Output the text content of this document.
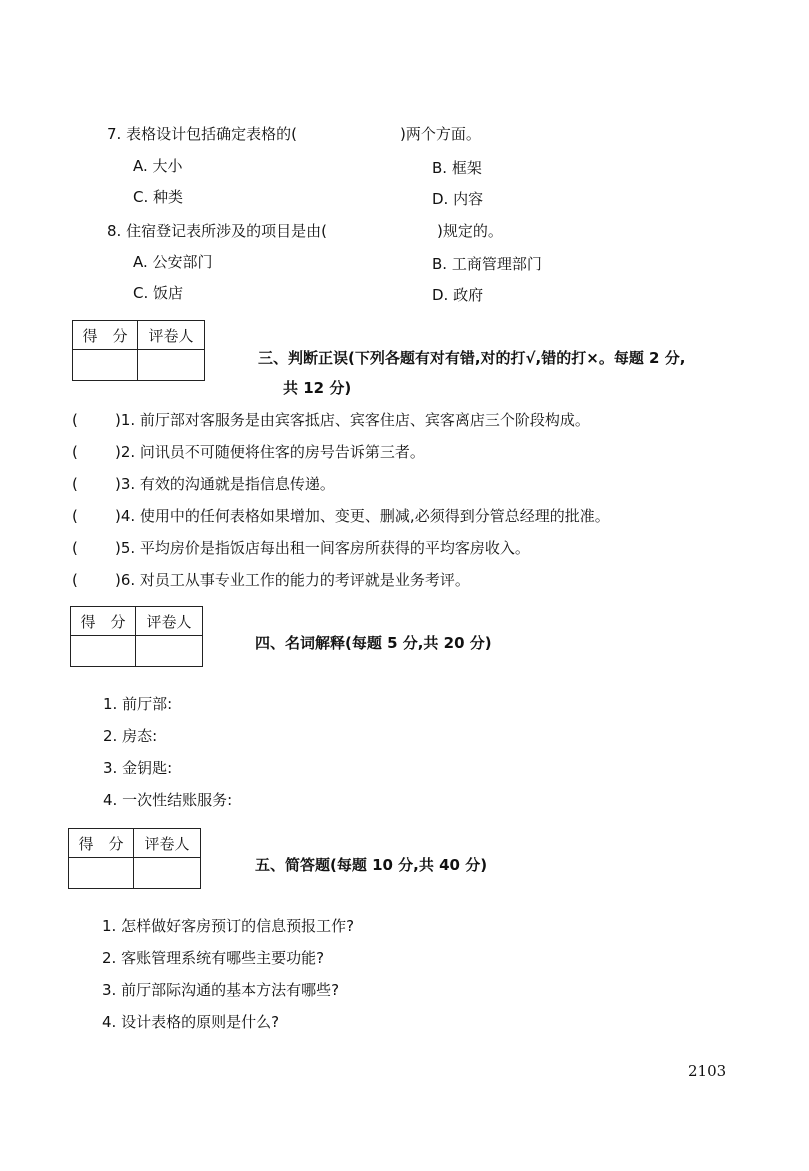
7. 表格设计包括确定表格的(	)两个方面。
A. 大小	B. 框架
C. 种类	D. 内容
8. 住宿登记表所涉及的项目是由(	)规定的。
A. 公安部门	B. 工商管理部门
C. 饭店	D. 政府
得　分	评卷人

三、判断正误(下列各题有对有错,对的打√,错的打×。每题 2 分,
共 12 分)
( )1. 前厅部对客服务是由宾客抵店、宾客住店、宾客离店三个阶段构成。
( )2. 问讯员不可随便将住客的房号告诉第三者。
( )3. 有效的沟通就是指信息传递。
( )4. 使用中的任何表格如果增加、变更、删减,必须得到分管总经理的批准。
( )5. 平均房价是指饭店每出租一间客房所获得的平均客房收入。
( )6. 对员工从事专业工作的能力的考评就是业务考评。
得　分	评卷人

四、名词解释(每题 5 分,共 20 分)
1. 前厅部:
2. 房态:
3. 金钥匙:
4. 一次性结账服务:
得　分	评卷人

五、简答题(每题 10 分,共 40 分)
1. 怎样做好客房预订的信息预报工作?
2. 客账管理系统有哪些主要功能?
3. 前厅部际沟通的基本方法有哪些?
4. 设计表格的原则是什么?
2103
